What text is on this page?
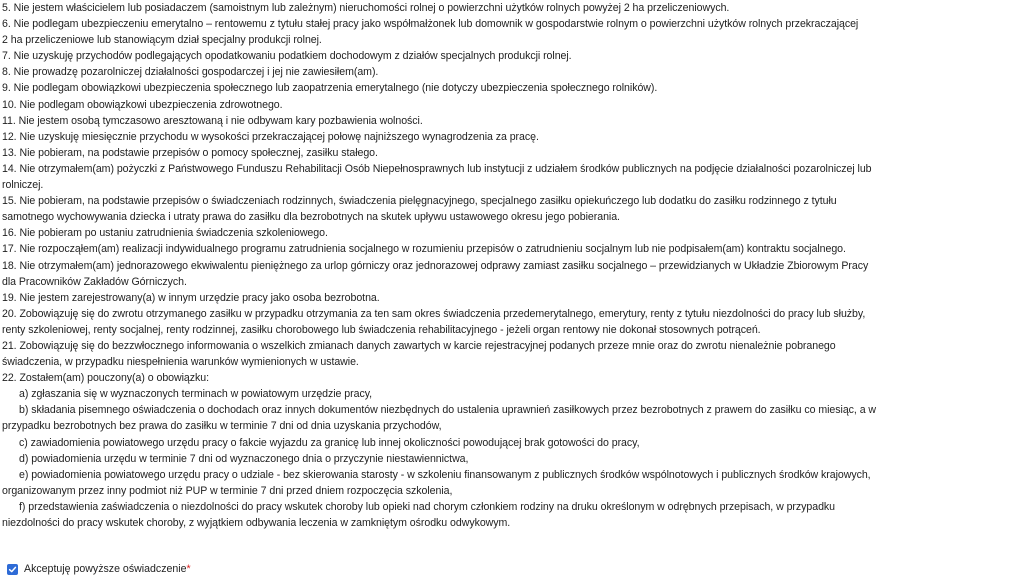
5. Nie jestem właścicielem lub posiadaczem (samoistnym lub zależnym) nieruchomości rolnej o powierzchni użytków rolnych powyżej 2 ha przeliczeniowych.
6. Nie podlegam ubezpieczeniu emerytalno – rentowemu z tytułu stałej pracy jako współmałżonek lub domownik w gospodarstwie rolnym o powierzchni użytków rolnych przekraczającej
2 ha przeliczeniowe lub stanowiącym dział specjalny produkcji rolnej.
7. Nie uzyskuję przychodów podlegających opodatkowaniu podatkiem dochodowym z działów specjalnych produkcji rolnej.
8. Nie prowadzę pozarolniczej działalności gospodarczej i jej nie zawiesiłem(am).
9. Nie podlegam obowiązkowi ubezpieczenia społecznego lub zaopatrzenia emerytalnego (nie dotyczy ubezpieczenia społecznego rolników).
10. Nie podlegam obowiązkowi ubezpieczenia zdrowotnego.
11. Nie jestem osobą tymczasowo aresztowaną i nie odbywam kary pozbawienia wolności.
12. Nie uzyskuję miesięcznie przychodu w wysokości przekraczającej połowę najniższego wynagrodzenia za pracę.
13. Nie pobieram, na podstawie przepisów o pomocy społecznej, zasiłku stałego.
14. Nie otrzymałem(am) pożyczki z Państwowego Funduszu Rehabilitacji Osób Niepełnosprawnych lub instytucji z udziałem środków publicznych na podjęcie działalności pozarolniczej lub
rolniczej.
15. Nie pobieram, na podstawie przepisów o świadczeniach rodzinnych, świadczenia pielęgnacyjnego, specjalnego zasiłku opiekuńczego lub dodatku do zasiłku rodzinnego z tytułu
samotnego wychowywania dziecka i utraty prawa do zasiłku dla bezrobotnych na skutek upływu ustawowego okresu jego pobierania.
16. Nie pobieram po ustaniu zatrudnienia świadczenia szkoleniowego.
17. Nie rozpocząłem(am) realizacji indywidualnego programu zatrudnienia socjalnego w rozumieniu przepisów o zatrudnieniu socjalnym lub nie podpisałem(am) kontraktu socjalnego.
18. Nie otrzymałem(am) jednorazowego ekwiwalentu pieniężnego za urlop górniczy oraz jednorazowej odprawy zamiast zasiłku socjalnego – przewidzianych w Układzie Zbiorowym Pracy
dla Pracowników Zakładów Górniczych.
19. Nie jestem zarejestrowany(a) w innym urzędzie pracy jako osoba bezrobotna.
20. Zobowiązuję się do zwrotu otrzymanego zasiłku w przypadku otrzymania za ten sam okres świadczenia przedemerytalnego, emerytury, renty z tytułu niezdolności do pracy lub służby,
renty szkoleniowej, renty socjalnej, renty rodzinnej, zasiłku chorobowego lub świadczenia rehabilitacyjnego - jeżeli organ rentowy nie dokonał stosownych potrąceń.
21. Zobowiązuję się do bezzwłocznego informowania o wszelkich zmianach danych zawartych w karcie rejestracyjnej podanych przeze mnie oraz do zwrotu nienależnie pobranego
świadczenia, w przypadku niespełnienia warunków wymienionych w ustawie.
22. Zostałem(am) pouczony(a) o obowiązku:
a) zgłaszania się w wyznaczonych terminach w powiatowym urzędzie pracy,
b) składania pisemnego oświadczenia o dochodach oraz innych dokumentów niezbędnych do ustalenia uprawnień zasiłkowych przez bezrobotnych z prawem do zasiłku co miesiąc, a w
przypadku bezrobotnych bez prawa do zasiłku w terminie 7 dni od dnia uzyskania przychodów,
c) zawiadomienia powiatowego urzędu pracy o fakcie wyjazdu za granicę lub innej okoliczności powodującej brak gotowości do pracy,
d) powiadomienia urzędu w terminie 7 dni od wyznaczonego dnia o przyczynie niestawiennictwa,
e) powiadomienia powiatowego urzędu pracy o udziale - bez skierowania starosty - w szkoleniu finansowanym z publicznych środków wspólnotowych i publicznych środków krajowych,
organizowanym przez inny podmiot niż PUP w terminie 7 dni przed dniem rozpoczęcia szkolenia,
f) przedstawienia zaświadczenia o niezdolności do pracy wskutek choroby lub opieki nad chorym członkiem rodziny na druku określonym w odrębnych przepisach, w przypadku
niezdolności do pracy wskutek choroby, z wyjątkiem odbywania leczenia w zamkniętym ośrodku odwykowym.
Akceptuję powyższe oświadczenie*
